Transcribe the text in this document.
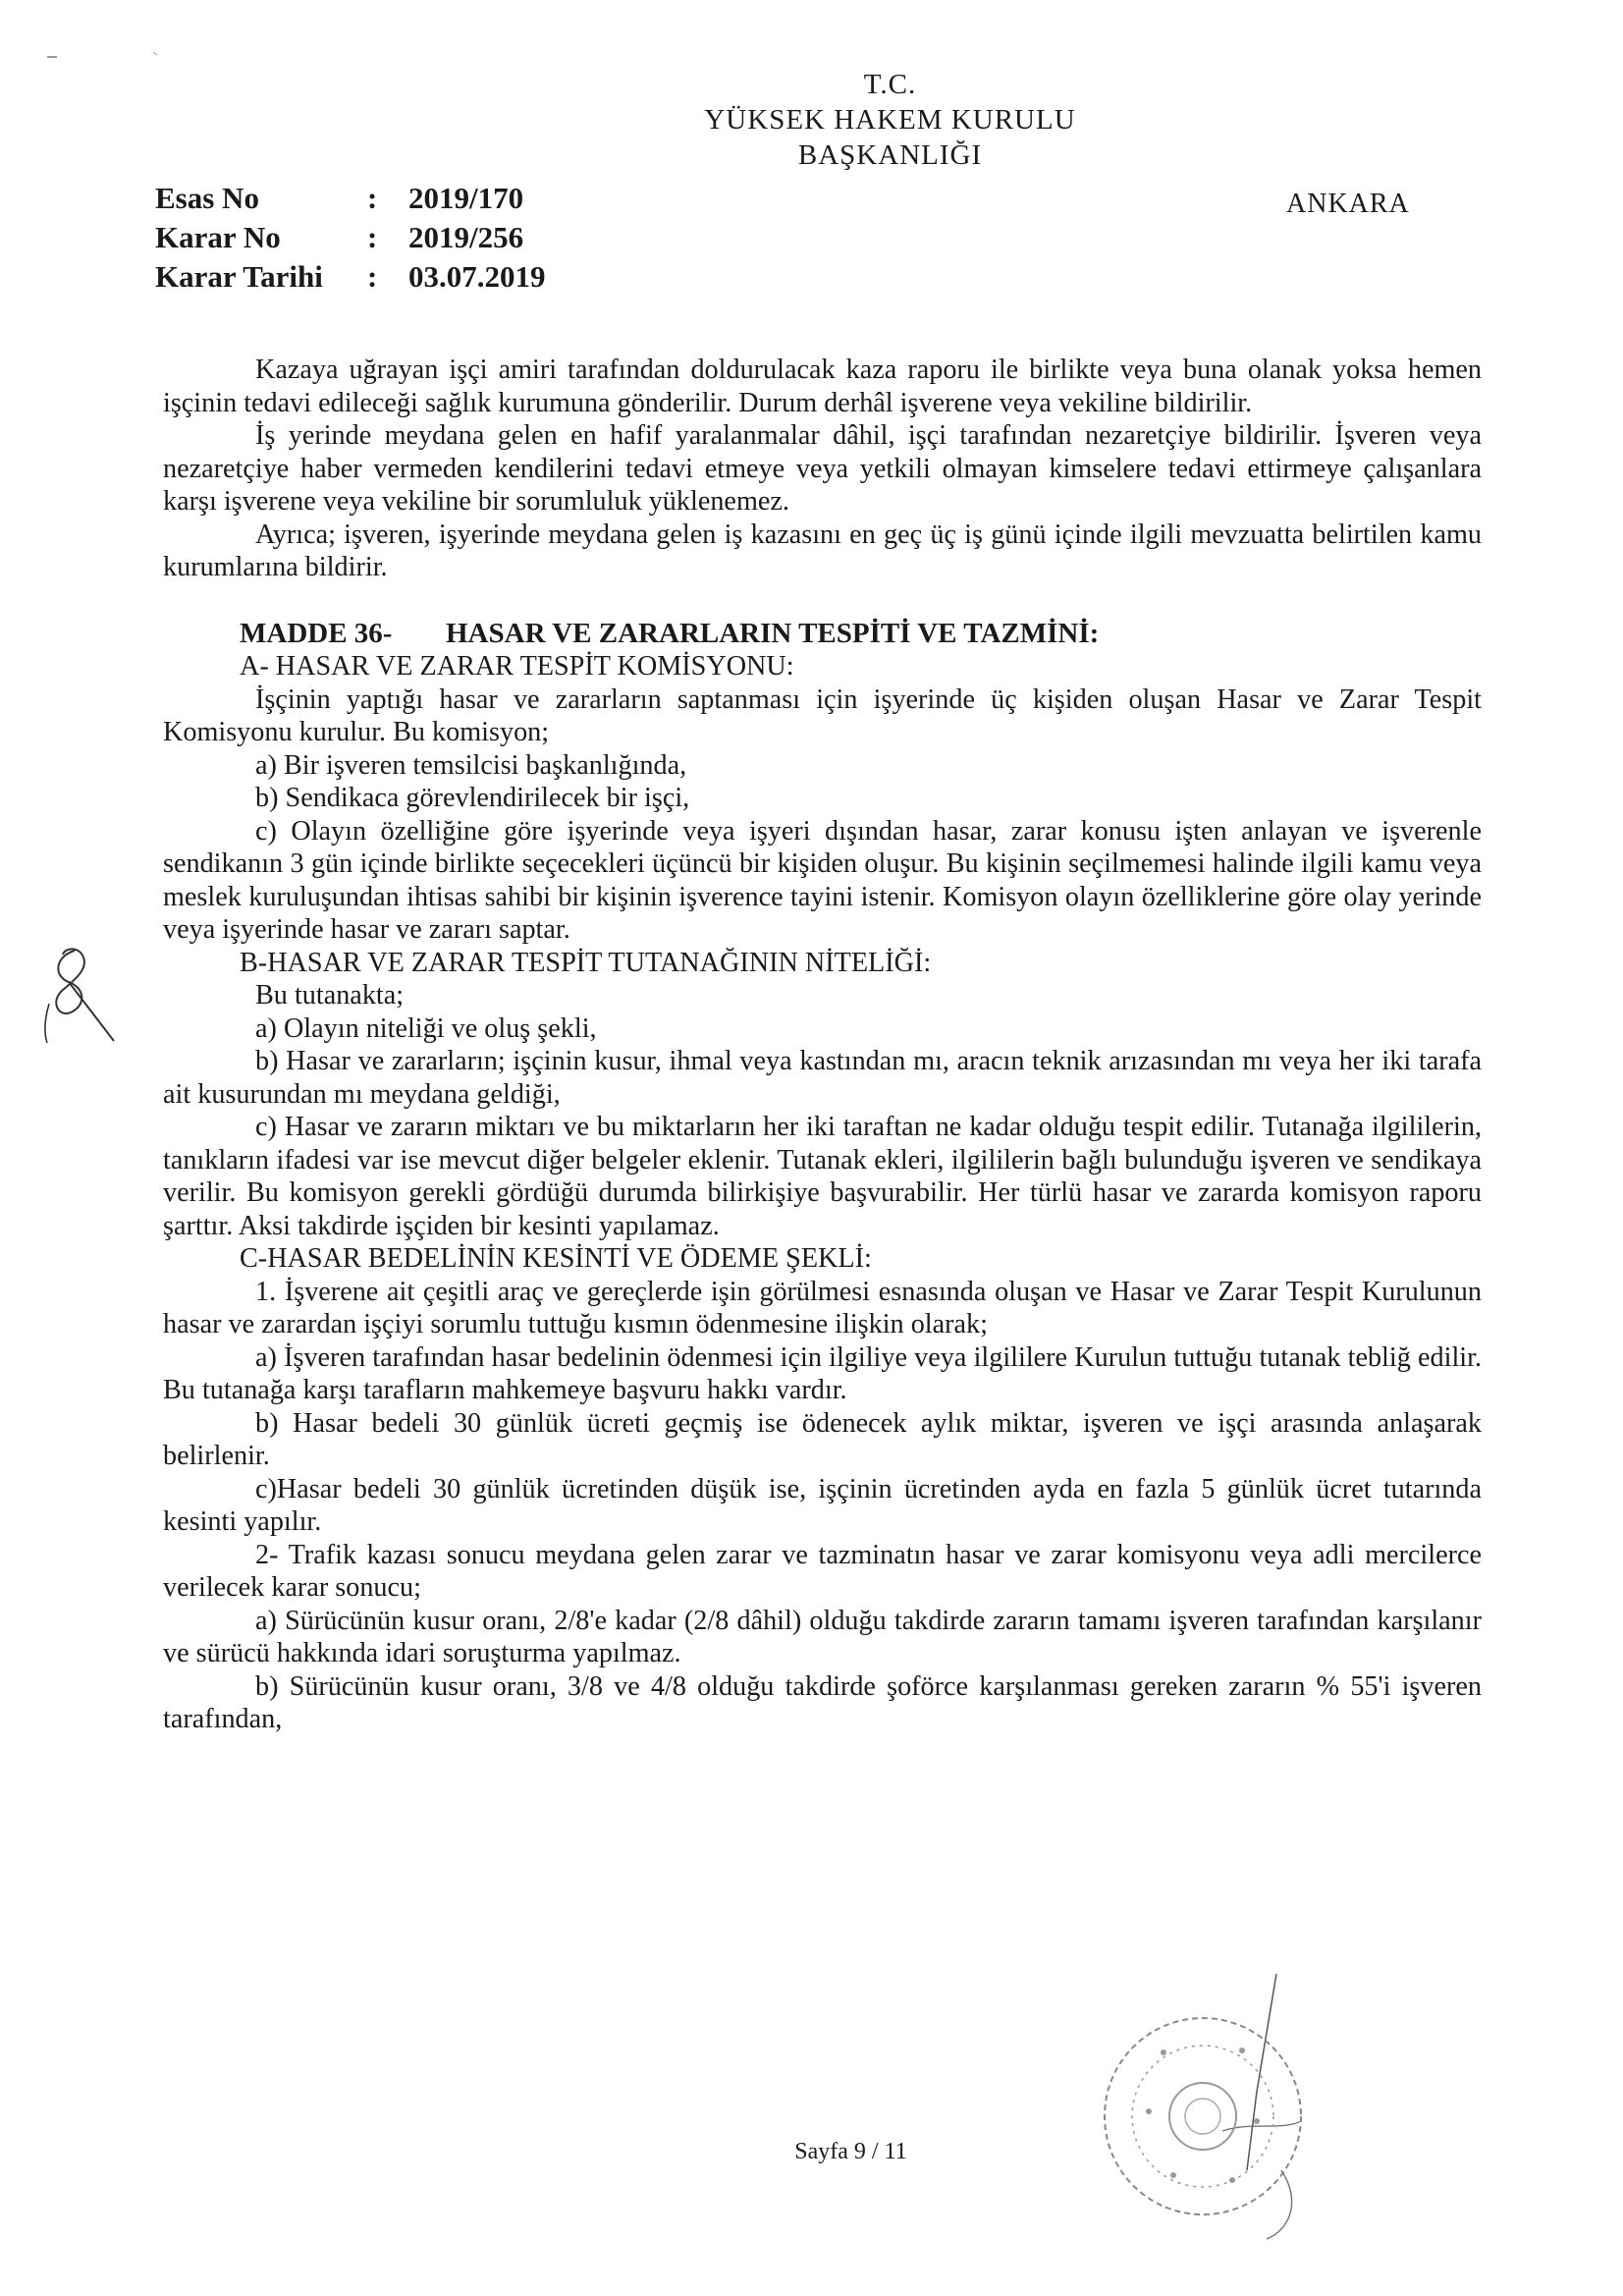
T.C.
YÜKSEK HAKEM KURULU
BAŞKANLIĞI
Esas No	:	2019/170
Karar No	:	2019/256
Karar Tarihi	:	03.07.2019
ANKARA

Kazaya uğrayan işçi amiri tarafından doldurulacak kaza raporu ile birlikte veya buna olanak yoksa hemen işçinin tedavi edileceği sağlık kurumuna gönderilir. Durum derhâl işverene veya vekiline bildirilir.

İş yerinde meydana gelen en hafif yaralanmalar dâhil, işçi tarafından nezaretçiye bildirilir. İşveren veya nezaretçiye haber vermeden kendilerini tedavi etmeye veya yetkili olmayan kimselere tedavi ettirmeye çalışanlara karşı işverene veya vekiline bir sorumluluk yüklenemez.

Ayrıca; işveren, işyerinde meydana gelen iş kazasını en geç üç iş günü içinde ilgili mevzuatta belirtilen kamu kurumlarına bildirir.

MADDE 36- HASAR VE ZARARLARIN TESPİTİ VE TAZMİNİ:

A- HASAR VE ZARAR TESPİT KOMİSYONU:

İşçinin yaptığı hasar ve zararların saptanması için işyerinde üç kişiden oluşan Hasar ve Zarar Tespit Komisyonu kurulur. Bu komisyon;

a) Bir işveren temsilcisi başkanlığında,

b) Sendikaca görevlendirilecek bir işçi,

c) Olayın özelliğine göre işyerinde veya işyeri dışından hasar, zarar konusu işten anlayan ve işverenle sendikanın 3 gün içinde birlikte seçecekleri üçüncü bir kişiden oluşur. Bu kişinin seçilmemesi halinde ilgili kamu veya meslek kuruluşundan ihtisas sahibi bir kişinin işverence tayini istenir. Komisyon olayın özelliklerine göre olay yerinde veya işyerinde hasar ve zararı saptar.

B-HASAR VE ZARAR TESPİT TUTANAĞININ NİTELİĞİ:

Bu tutanakta;

a) Olayın niteliği ve oluş şekli,

b) Hasar ve zararların; işçinin kusur, ihmal veya kastından mı, aracın teknik arızasından mı veya her iki tarafa ait kusurundan mı meydana geldiği,

c) Hasar ve zararın miktarı ve bu miktarların her iki taraftan ne kadar olduğu tespit edilir. Tutanağa ilgililerin, tanıkların ifadesi var ise mevcut diğer belgeler eklenir. Tutanak ekleri, ilgililerin bağlı bulunduğu işveren ve sendikaya verilir. Bu komisyon gerekli gördüğü durumda bilirkişiye başvurabilir. Her türlü hasar ve zararda komisyon raporu şarttır. Aksi takdirde işçiden bir kesinti yapılamaz.

C-HASAR BEDELİNİN KESİNTİ VE ÖDEME ŞEKLİ:

1. İşverene ait çeşitli araç ve gereçlerde işin görülmesi esnasında oluşan ve Hasar ve Zarar Tespit Kurulunun hasar ve zarardan işçiyi sorumlu tuttuğu kısmın ödenmesine ilişkin olarak;

a) İşveren tarafından hasar bedelinin ödenmesi için ilgiliye veya ilgililere Kurulun tuttuğu tutanak tebliğ edilir. Bu tutanağa karşı tarafların mahkemeye başvuru hakkı vardır.

b) Hasar bedeli 30 günlük ücreti geçmiş ise ödenecek aylık miktar, işveren ve işçi arasında anlaşarak belirlenir.

c)Hasar bedeli 30 günlük ücretinden düşük ise, işçinin ücretinden ayda en fazla 5 günlük ücret tutarında kesinti yapılır.

2- Trafik kazası sonucu meydana gelen zarar ve tazminatın hasar ve zarar komisyonu veya adli mercilerce verilecek karar sonucu;

a) Sürücünün kusur oranı, 2/8'e kadar (2/8 dâhil) olduğu takdirde zararın tamamı işveren tarafından karşılanır ve sürücü hakkında idari soruşturma yapılmaz.

b) Sürücünün kusur oranı, 3/8 ve 4/8 olduğu takdirde şoförce karşılanması gereken zararın % 55'i işveren tarafından,

Sayfa 9 / 11
